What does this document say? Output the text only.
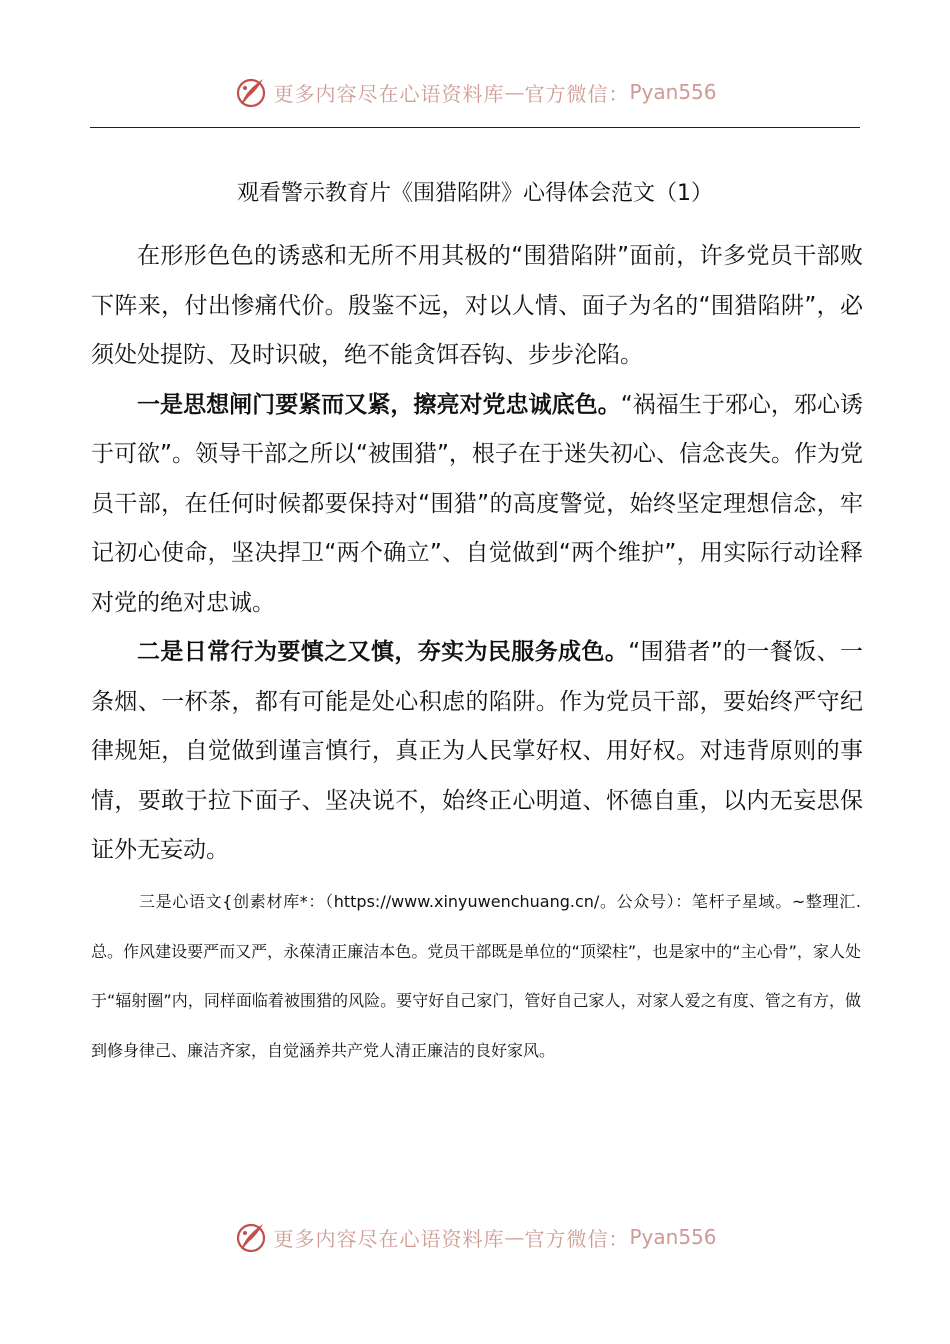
更多内容尽在心语资料库 — 官方微信： Pyan556
观看警示教育片《围猎陷阱》心得体会范文（1）

在形形色色的诱惑和无所不用其极的“围猎陷阱”面前，许多党员干部败下阵来，付出惨痛代价。殷鉴不远，对以人情、面子为名的“围猎陷阱”，必须处处提防、及时识破，绝不能贪饵吞钩、步步沦陷。

一是思想闸门要紧而又紧，擦亮对党忠诚底色。“祸福生于邪心，邪心诱于可欲”。领导干部之所以“被围猎”，根子在于迷失初心、信念丧失。作为党员干部，在任何时候都要保持对“围猎”的高度警觉，始终坚定理想信念，牢记初心使命，坚决捍卫“两个确立”、自觉做到“两个维护”，用实际行动诠释对党的绝对忠诚。

二是日常行为要慎之又慎，夯实为民服务成色。“围猎者”的一餐饭、一条烟、一杯茶，都有可能是处心积虑的陷阱。作为党员干部，要始终严守纪律规矩，自觉做到谨言慎行，真正为人民掌好权、用好权。对违背原则的事情，要敢于拉下面子、坚决说不，始终正心明道、怀德自重，以内无妄思保证外无妄动。

三是心语文{创素材库*：（https://www.xinyuwenchuang.cn/。公众号）：笔杆子星域。~整理汇.总。作风建设要严而又严，永葆清正廉洁本色。党员干部既是单位的“顶梁柱”，也是家中的“主心骨”，家人处于“辐射圈”内，同样面临着被围猎的风险。要守好自己家门，管好自己家人，对家人爱之有度、管之有方，做到修身律己、廉洁齐家，自觉涵养共产党人清正廉洁的良好家风。

更多内容尽在心语资料库 — 官方微信： Pyan556
